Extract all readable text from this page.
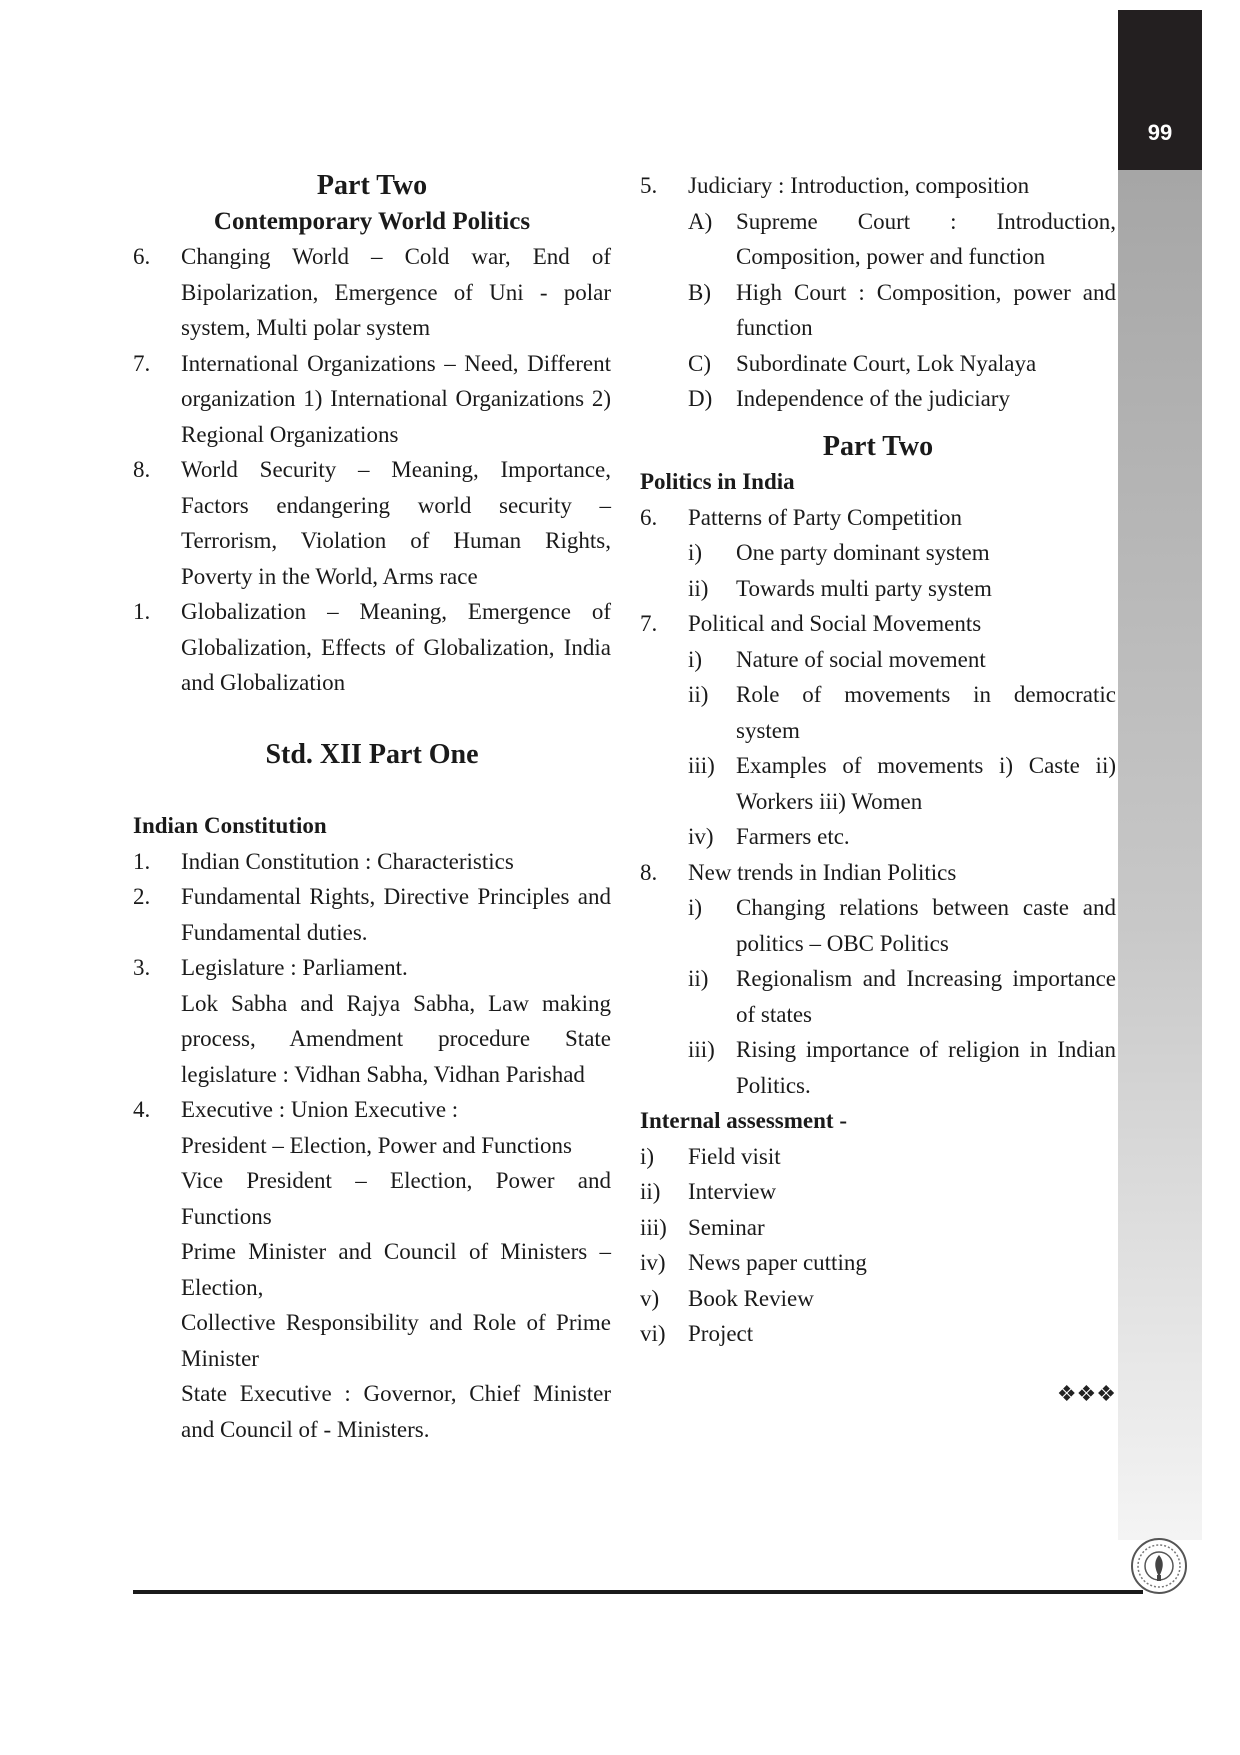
99
Part Two
Contemporary World Politics
6.	Changing World – Cold war, End of Bipolarization, Emergence of Uni - polar system, Multi polar system
7.	International Organizations – Need, Different organization 1) International Organizations 2) Regional Organizations
8.	World Security – Meaning, Importance, Factors endangering world security – Terrorism, Violation of Human Rights, Poverty in the World, Arms race
1.	Globalization – Meaning, Emergence of Globalization, Effects of Globalization, India and Globalization
Std. XII Part One
Indian Constitution
1.	Indian Constitution : Characteristics
2.	Fundamental Rights, Directive Principles and Fundamental duties.
3.	Legislature : Parliament.
Lok Sabha and Rajya Sabha, Law making process, Amendment procedure State legislature : Vidhan Sabha, Vidhan Parishad
4.	Executive : Union Executive :
President – Election, Power and Functions
Vice President – Election, Power and Functions
Prime Minister and Council of Ministers – Election,
Collective Responsibility and Role of Prime Minister
State Executive : Governor, Chief Minister and Council of - Ministers.
5.	Judiciary : Introduction, composition
A)	Supreme Court : Introduction, Composition, power and function
B)	High Court : Composition, power and function
C)	Subordinate Court, Lok Nyalaya
D)	Independence of the judiciary
Part Two
Politics in India
6.	Patterns of Party Competition
i)	One party dominant system
ii)	Towards multi party system
7.	Political and Social Movements
i)	Nature of social movement
ii)	Role of movements in democratic system
iii) Examples of movements i) Caste ii) Workers iii) Women
iv) Farmers etc.
8.	New trends in Indian Politics
i)	Changing relations between caste and politics – OBC Politics
ii)	Regionalism and Increasing importance of states
iii) Rising importance of religion in Indian Politics.
Internal assessment -
i)	Field visit
ii)	Interview
iii) Seminar
iv) News paper cutting
v)	Book Review
vi) Project
❖❖❖
